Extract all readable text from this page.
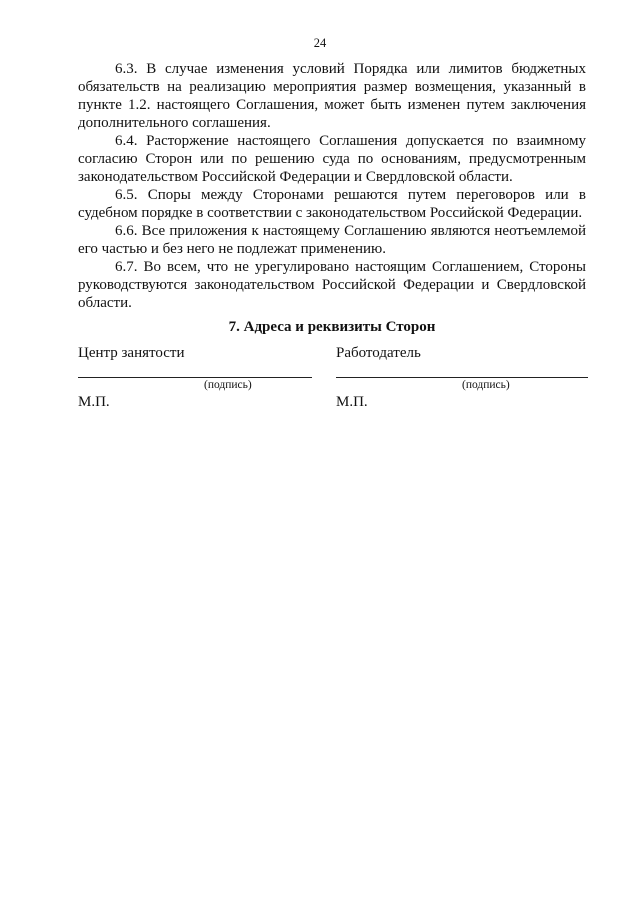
24

6.3. В случае изменения условий Порядка или лимитов бюджетных обязательств на реализацию мероприятия размер возмещения, указанный в пункте 1.2. настоящего Соглашения, может быть изменен путем заключения дополнительного соглашения.

6.4. Расторжение настоящего Соглашения допускается по взаимному согласию Сторон или по решению суда по основаниям, предусмотренным законодательством Российской Федерации и Свердловской области.

6.5. Споры между Сторонами решаются путем переговоров или в судебном порядке в соответствии с законодательством Российской Федерации.

6.6. Все приложения к настоящему Соглашению являются неотъемлемой его частью и без него не подлежат применению.

6.7. Во всем, что не урегулировано настоящим Соглашением, Стороны руководствуются законодательством Российской Федерации и Свердловской области.

7. Адреса и реквизиты Сторон

Центр занятости
(подпись)
М.П.
Работодатель
(подпись)
М.П.
